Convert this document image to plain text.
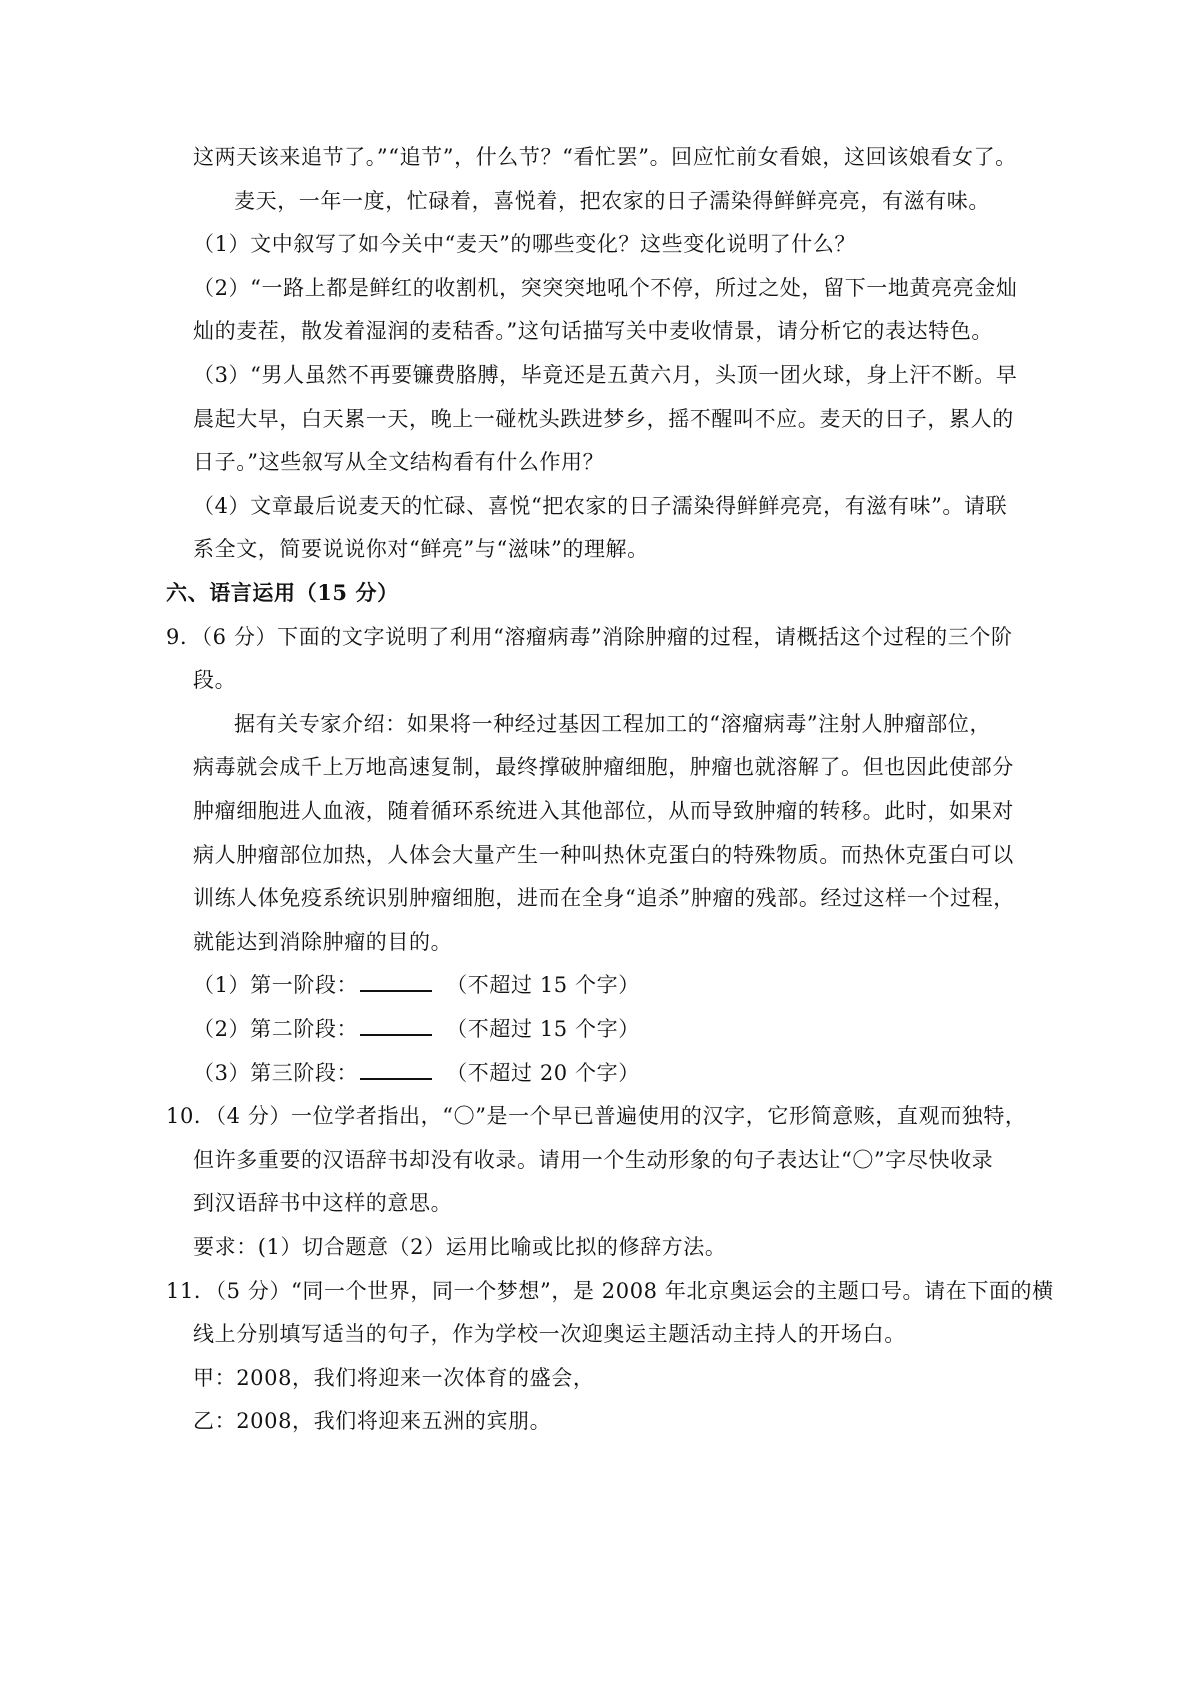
这两天该来追节了。”“追节”，什么节？“看忙罢”。回应忙前女看娘，这回该娘看女了。
麦天，一年一度，忙碌着，喜悦着，把农家的日子濡染得鲜鲜亮亮，有滋有味。
（1）文中叙写了如今关中“麦天”的哪些变化？这些变化说明了什么？
（2）“一路上都是鲜红的收割机，突突突地吼个不停，所过之处，留下一地黄亮亮金灿
灿的麦茬，散发着湿润的麦秸香。”这句话描写关中麦收情景，请分析它的表达特色。
（3）“男人虽然不再要镰费胳膊，毕竟还是五黄六月，头顶一团火球，身上汗不断。早
晨起大早，白天累一天，晚上一碰枕头跌进梦乡，摇不醒叫不应。麦天的日子，累人的
日子。”这些叙写从全文结构看有什么作用？
（4）文章最后说麦天的忙碌、喜悦“把农家的日子濡染得鲜鲜亮亮，有滋有味”。请联
系全文，简要说说你对“鲜亮”与“滋味”的理解。
六、语言运用（15 分）
9．（6 分）下面的文字说明了利用“溶瘤病毒”消除肿瘤的过程，请概括这个过程的三个阶
段。
据有关专家介绍：如果将一种经过基因工程加工的“溶瘤病毒”注射人肿瘤部位，
病毒就会成千上万地高速复制，最终撑破肿瘤细胞，肿瘤也就溶解了。但也因此使部分
肿瘤细胞进人血液，随着循环系统进入其他部位，从而导致肿瘤的转移。此时，如果对
病人肿瘤部位加热，人体会大量产生一种叫热休克蛋白的特殊物质。而热休克蛋白可以
训练人体免疫系统识别肿瘤细胞，进而在全身“追杀”肿瘤的残部。经过这样一个过程，
就能达到消除肿瘤的目的。
（1）第一阶段：	（不超过 15 个字）
（2）第二阶段：	（不超过 15 个字）
（3）第三阶段：	（不超过 20 个字）
10．（4 分）一位学者指出，“〇”是一个早已普遍使用的汉字，它形简意赅，直观而独特，
但许多重要的汉语辞书却没有收录。请用一个生动形象的句子表达让“〇”字尽快收录
到汉语辞书中这样的意思。
要求：(1）切合题意（2）运用比喻或比拟的修辞方法。
11．（5 分）“同一个世界，同一个梦想”，是 2008 年北京奥运会的主题口号。请在下面的横
线上分别填写适当的句子，作为学校一次迎奥运主题活动主持人的开场白。
甲：2008，我们将迎来一次体育的盛会，
乙：2008，我们将迎来五洲的宾朋。
